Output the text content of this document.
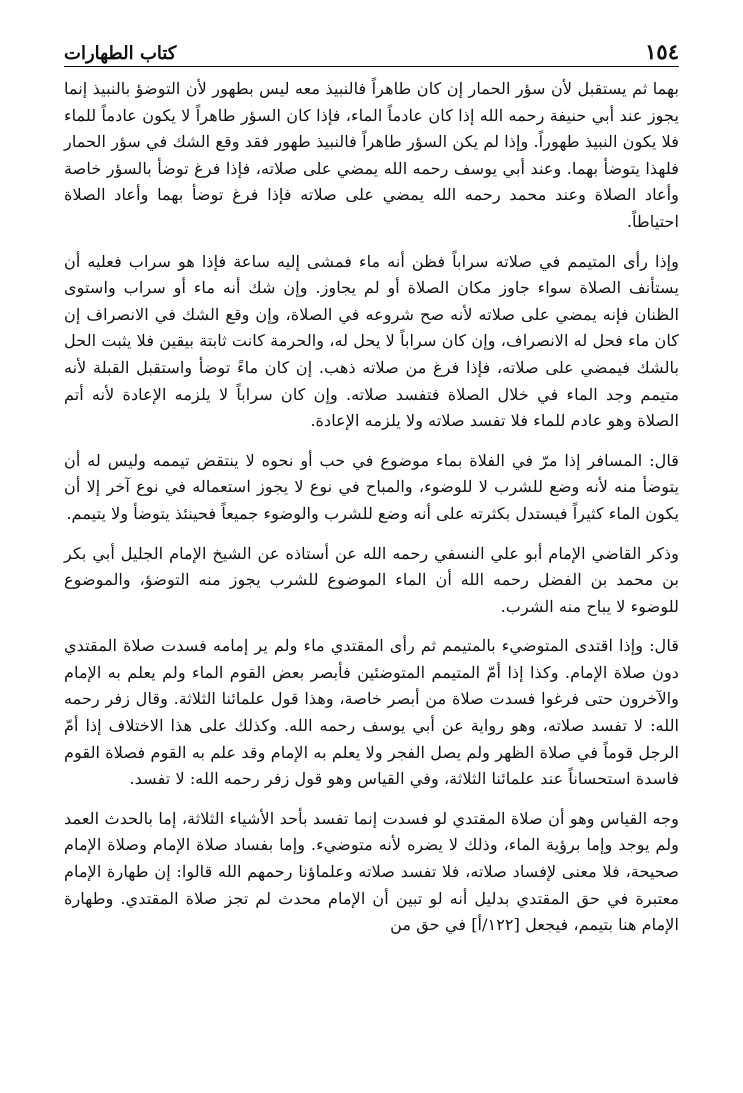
١٥٤
كتاب الطهارات

بهما ثم يستقبل لأن سؤر الحمار إن كان طاهراً فالنبيذ معه ليس بطهور لأن التوضؤ بالنبيذ إنما يجوز عند أبي حنيفة رحمه الله إذا كان عادماً الماء، فإذا كان السؤر طاهراً لا يكون عادماً للماء فلا يكون النبيذ طهوراً. وإذا لم يكن السؤر طاهراً فالنبيذ طهور فقد وقع الشك في سؤر الحمار فلهذا يتوضأ بهما. وعند أبي يوسف رحمه الله يمضي على صلاته، فإذا فرغ توضأ بالسؤر خاصة وأعاد الصلاة وعند محمد رحمه الله يمضي على صلاته فإذا فرغ توضأ بهما وأعاد الصلاة احتياطاً.

وإذا رأى المتيمم في صلاته سراباً فظن أنه ماء فمشى إليه ساعة فإذا هو سراب فعليه أن يستأنف الصلاة سواء جاوز مكان الصلاة أو لم يجاوز. وإن شك أنه ماء أو سراب واستوى الظنان فإنه يمضي على صلاته لأنه صح شروعه في الصلاة، وإن وقع الشك في الانصراف إن كان ماء فحل له الانصراف، وإن كان سراباً لا يحل له، والحرمة كانت ثابتة بيقين فلا يثبت الحل بالشك فيمضي على صلاته، فإذا فرغ من صلاته ذهب. إن كان ماءً توضأ واستقبل القبلة لأنه متيمم وجد الماء في خلال الصلاة فتفسد صلاته. وإن كان سراباً لا يلزمه الإعادة لأنه أتم الصلاة وهو عادم للماء فلا تفسد صلاته ولا يلزمه الإعادة.

قال: المسافر إذا مرّ في الفلاة بماء موضوع في حب أو نحوه لا ينتقض تيممه وليس له أن يتوضأ منه لأنه وضع للشرب لا للوضوء، والمباح في نوع لا يجوز استعماله في نوع آخر إلا أن يكون الماء كثيراً فيستدل بكثرته على أنه وضع للشرب والوضوء جميعاً فحينئذ يتوضأ ولا يتيمم.

وذكر القاضي الإمام أبو علي النسفي رحمه الله عن أستاذه عن الشيخ الإمام الجليل أبي بكر بن محمد بن الفضل رحمه الله أن الماء الموضوع للشرب يجوز منه التوضؤ، والموضوع للوضوء لا يباح منه الشرب.

قال: وإذا اقتدى المتوضيء بالمتيمم ثم رأى المقتدي ماء ولم ير إمامه فسدت صلاة المقتدي دون صلاة الإمام. وكذا إذا أمّ المتيمم المتوضئين فأبصر بعض القوم الماء ولم يعلم به الإمام والآخرون حتى فرغوا فسدت صلاة من أبصر خاصة، وهذا قول علمائنا الثلاثة. وقال زفر رحمه الله: لا تفسد صلاته، وهو رواية عن أبي يوسف رحمه الله. وكذلك على هذا الاختلاف إذا أمّ الرجل قوماً في صلاة الظهر ولم يصل الفجر ولا يعلم به الإمام وقد علم به القوم فصلاة القوم فاسدة استحساناً عند علمائنا الثلاثة، وفي القياس وهو قول زفر رحمه الله: لا تفسد.

وجه القياس وهو أن صلاة المقتدي لو فسدت إنما تفسد بأحد الأشياء الثلاثة، إما بالحدث العمد ولم يوجد وإما برؤية الماء، وذلك لا يضره لأنه متوضيء. وإما بفساد صلاة الإمام وصلاة الإمام صحيحة، فلا معنى لإفساد صلاته، فلا تفسد صلاته وعلماؤنا رحمهم الله قالوا: إن طهارة الإمام معتبرة في حق المقتدي بدليل أنه لو تبين أن الإمام محدث لم تجز صلاة المقتدي. وطهارة الإمام هنا بتيمم، فيجعل [١٢٢/أ] في حق من
